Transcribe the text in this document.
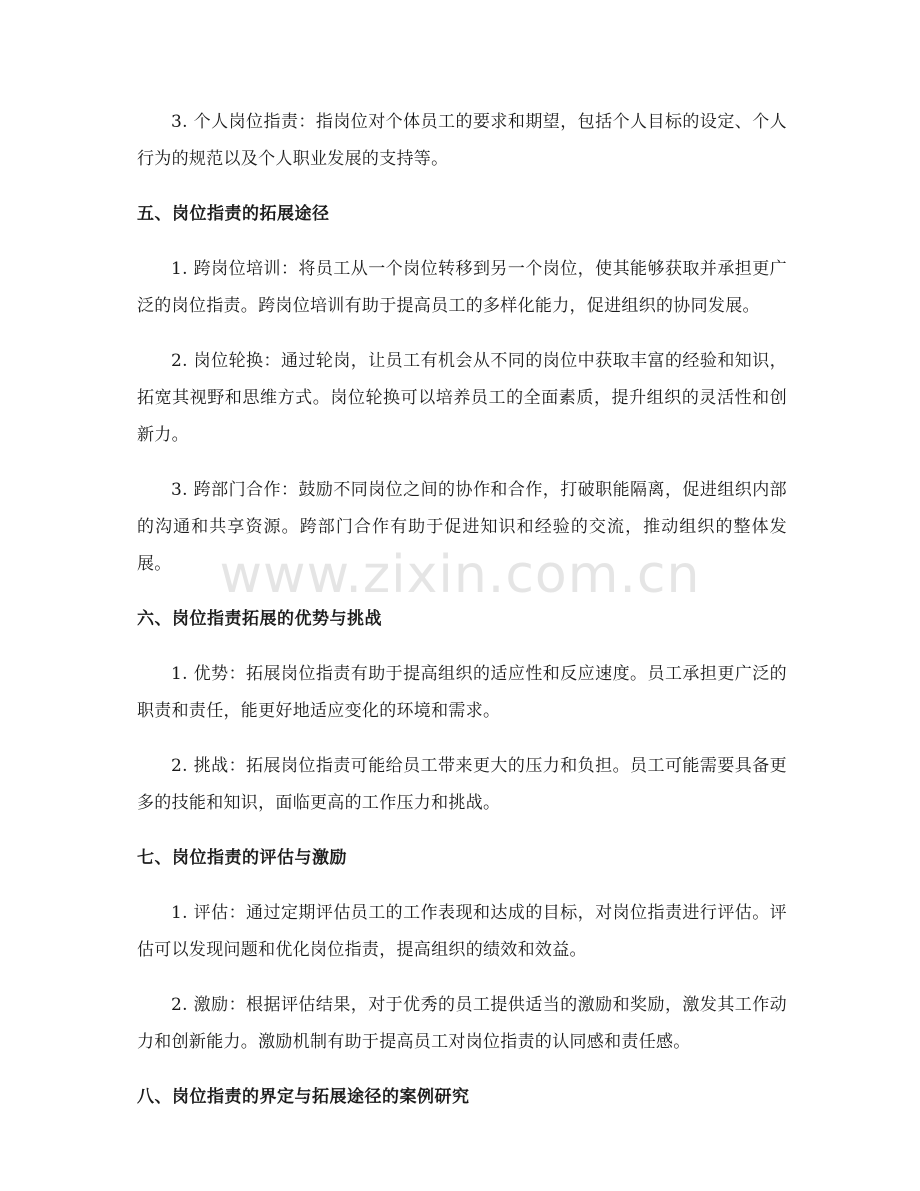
3. 个人岗位指责：指岗位对个体员工的要求和期望，包括个人目标的设定、个人行为的规范以及个人职业发展的支持等。

五、岗位指责的拓展途径

1. 跨岗位培训：将员工从一个岗位转移到另一个岗位，使其能够获取并承担更广泛的岗位指责。跨岗位培训有助于提高员工的多样化能力，促进组织的协同发展。

2. 岗位轮换：通过轮岗，让员工有机会从不同的岗位中获取丰富的经验和知识，拓宽其视野和思维方式。岗位轮换可以培养员工的全面素质，提升组织的灵活性和创新力。

3. 跨部门合作：鼓励不同岗位之间的协作和合作，打破职能隔离，促进组织内部的沟通和共享资源。跨部门合作有助于促进知识和经验的交流，推动组织的整体发展。

六、岗位指责拓展的优势与挑战

1. 优势：拓展岗位指责有助于提高组织的适应性和反应速度。员工承担更广泛的职责和责任，能更好地适应变化的环境和需求。

2. 挑战：拓展岗位指责可能给员工带来更大的压力和负担。员工可能需要具备更多的技能和知识，面临更高的工作压力和挑战。

七、岗位指责的评估与激励

1. 评估：通过定期评估员工的工作表现和达成的目标，对岗位指责进行评估。评估可以发现问题和优化岗位指责，提高组织的绩效和效益。

2. 激励：根据评估结果，对于优秀的员工提供适当的激励和奖励，激发其工作动力和创新能力。激励机制有助于提高员工对岗位指责的认同感和责任感。

八、岗位指责的界定与拓展途径的案例研究
www.zixin.com.cn
